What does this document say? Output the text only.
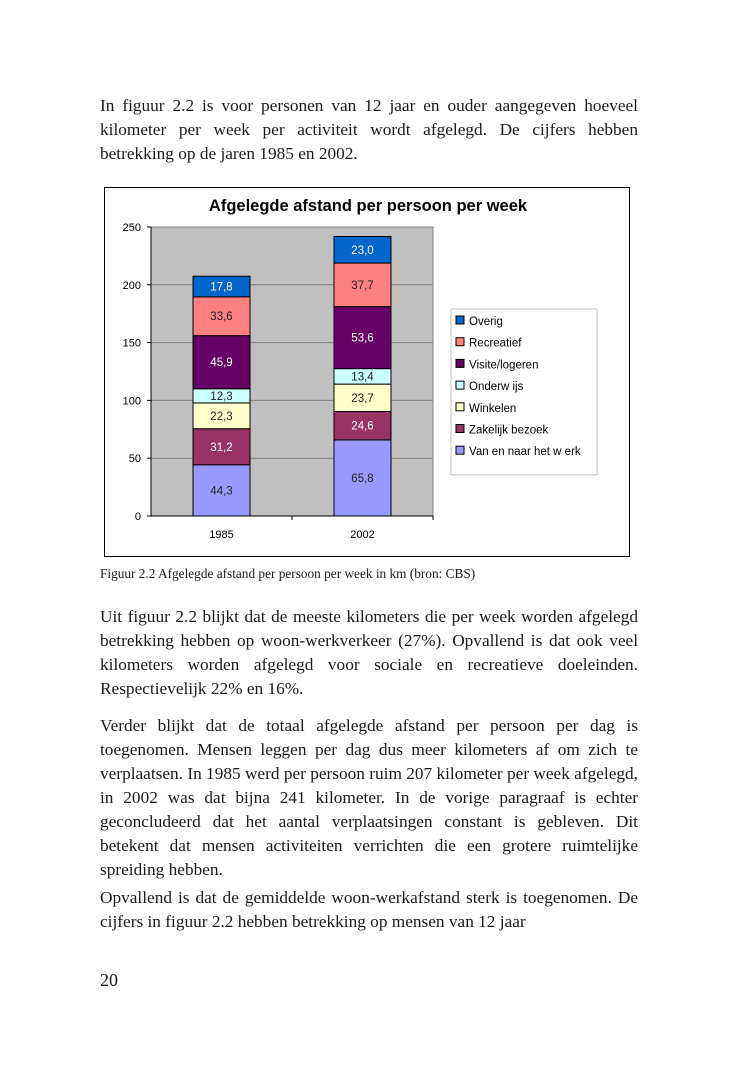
In figuur 2.2 is voor personen van 12 jaar en ouder aangegeven hoeveel kilometer per week per activiteit wordt afgelegd. De cijfers hebben betrekking op de jaren 1985 en 2002.

Afgelegde afstand per persoon per week
0
50
100
150
200
250
44,3
31,2
22,3
12,3
45,9
33,6
17,8
1985
65,8
24,6
23,7
13,4
53,6
37,7
23,0
2002
Overig
Recreatief
Visite/logeren
Onderw ijs
Winkelen
Zakelijk bezoek
Van en naar het w erk
Figuur 2.2 Afgelegde afstand per persoon per week in km (bron: CBS)

Uit figuur 2.2 blijkt dat de meeste kilometers die per week worden afgelegd betrekking hebben op woon-werkverkeer (27%). Opvallend is dat ook veel kilometers worden afgelegd voor sociale en recreatieve doeleinden. Respectievelijk 22% en 16%.

Verder blijkt dat de totaal afgelegde afstand per persoon per dag is toegenomen. Mensen leggen per dag dus meer kilometers af om zich te verplaatsen. In 1985 werd per persoon ruim 207 kilometer per week afgelegd, in 2002 was dat bijna 241 kilometer. In de vorige paragraaf is echter geconcludeerd dat het aantal verplaatsingen constant is gebleven. Dit betekent dat mensen activiteiten verrichten die een grotere ruimtelijke spreiding hebben.

Opvallend is dat de gemiddelde woon-werkafstand sterk is toegenomen. De cijfers in figuur 2.2 hebben betrekking op mensen van 12 jaar

20
